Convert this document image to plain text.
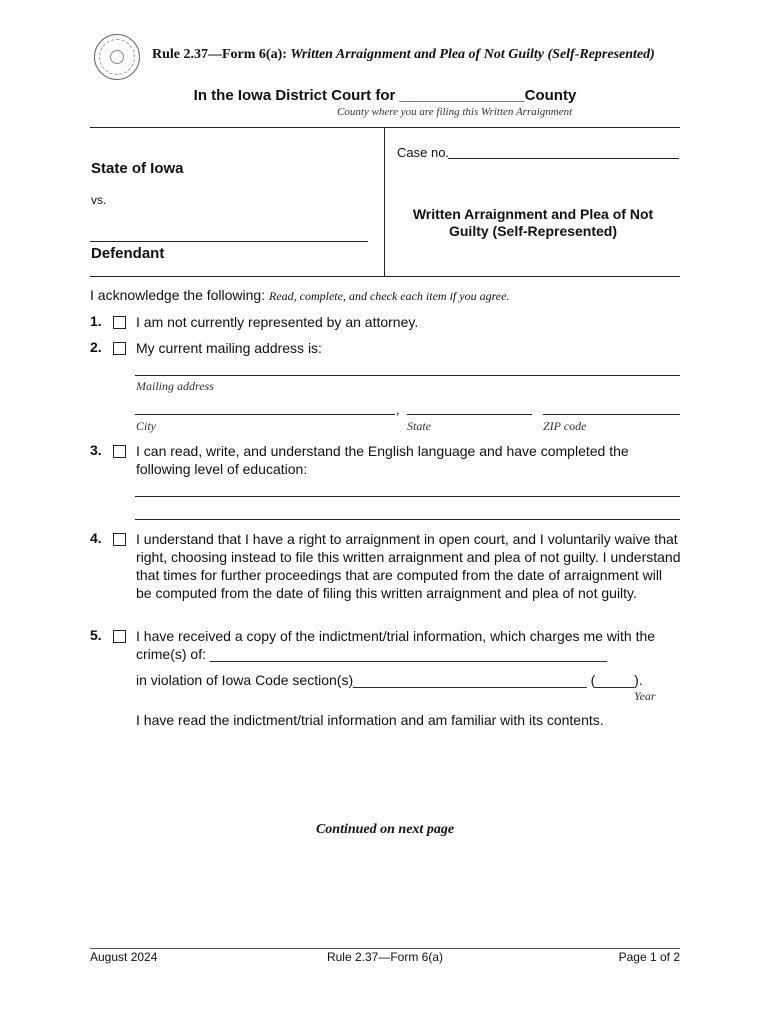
Rule 2.37—Form 6(a): Written Arraignment and Plea of Not Guilty (Self-Represented)
In the Iowa District Court for _______________County
County where you are filing this Written Arraignment
State of Iowa
vs.
Defendant
Case no.
Written Arraignment and Plea of Not Guilty (Self-Represented)
I acknowledge the following: Read, complete, and check each item if you agree.
1. I am not currently represented by an attorney.
2. My current mailing address is:
Mailing address
,
City	State	ZIP code
3. I can read, write, and understand the English language and have completed the following level of education:
4. I understand that I have a right to arraignment in open court, and I voluntarily waive that right, choosing instead to file this written arraignment and plea of not guilty. I understand that times for further proceedings that are computed from the date of arraignment will be computed from the date of filing this written arraignment and plea of not guilty.
5. I have received a copy of the indictment/trial information, which charges me with the crime(s) of: ___________________________________________________
in violation of Iowa Code section(s)______________________________ (_____).
Year
I have read the indictment/trial information and am familiar with its contents.
Continued on next page
August 2024	Rule 2.37—Form 6(a)	Page 1 of 2
